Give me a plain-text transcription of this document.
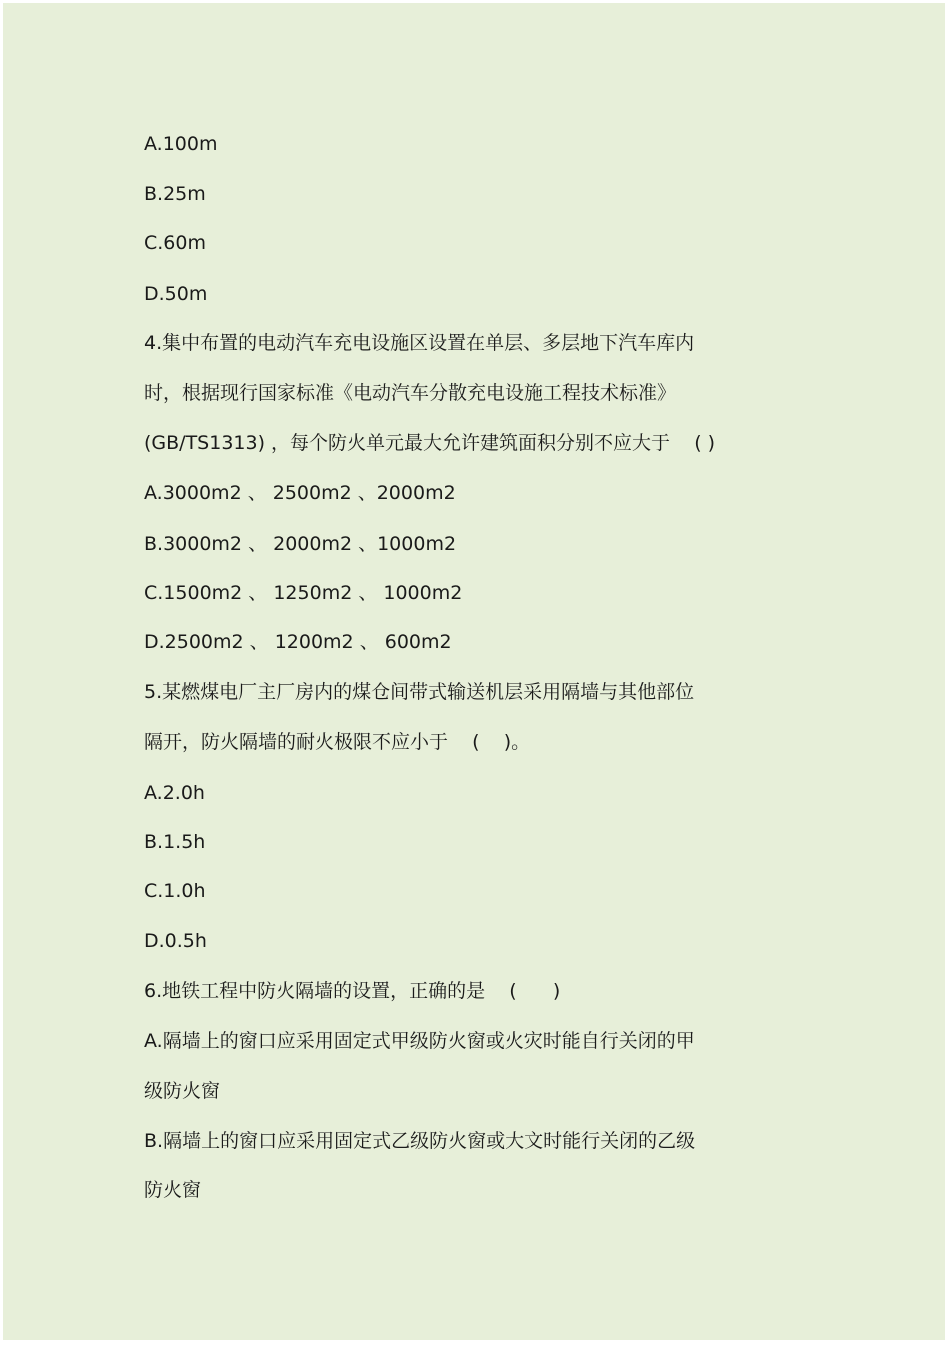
A.100m
B.25m
C.60m
D.50m
4.集中布置的电动汽车充电设施区设置在单层、多层地下汽车库内
时，根据现行国家标准《电动汽车分散充电设施工程技术标准》
(GB/TS1313) ，每个防火单元最大允许建筑面积分别不应大于    ( )
A.3000m2 、 2500m2 、2000m2
B.3000m2 、 2000m2 、1000m2
C.1500m2 、 1250m2 、 1000m2
D.2500m2 、 1200m2 、 600m2
5.某燃煤电厂主厂房内的煤仓间带式输送机层采用隔墙与其他部位
隔开，防火隔墙的耐火极限不应小于    (    )。
A.2.0h
B.1.5h
C.1.0h
D.0.5h
6.地铁工程中防火隔墙的设置，正确的是    (      )
A.隔墙上的窗口应采用固定式甲级防火窗或火灾时能自行关闭的甲
级防火窗
B.隔墙上的窗口应采用固定式乙级防火窗或大文时能行关闭的乙级
防火窗
